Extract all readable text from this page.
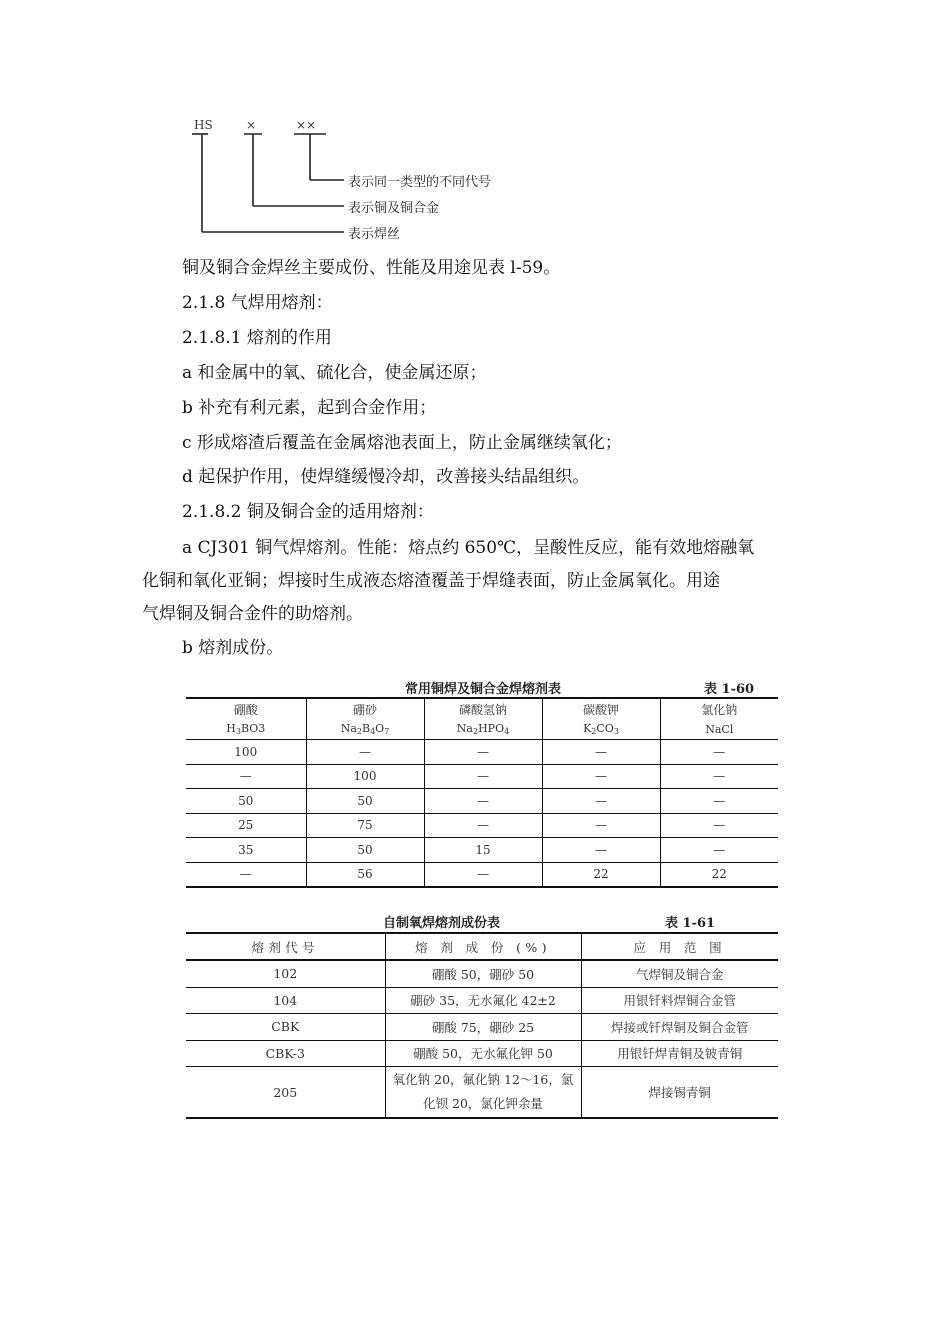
HS	×	××
表示同一类型的不同代号
表示铜及铜合金
表示焊丝
铜及铜合金焊丝主要成份、性能及用途见表 l-59。
2.1.8 气焊用熔剂：
2.1.8.1 熔剂的作用
a 和金属中的氧、硫化合，使金属还原；
b 补充有利元素，起到合金作用；
c 形成熔渣后覆盖在金属熔池表面上，防止金属继续氧化；
d 起保护作用，使焊缝缓慢冷却，改善接头结晶组织。
2.1.8.2 铜及铜合金的适用熔剂：
a CJ301 铜气焊熔剂。性能：熔点约 650℃，呈酸性反应，能有效地熔融氧
化铜和氧化亚铜；焊接时生成液态熔渣覆盖于焊缝表面，防止金属氧化。用途
气焊铜及铜合金件的助熔剂。
b 熔剂成份。
常用铜焊及铜合金焊熔剂表	表 1-60
硼酸	硼砂	磷酸氢钠	碳酸钾	氯化钠
$H_3BO3$	$Na_2B_4O_7$	$Na_2HPO_4$	$K_2CO_3$	NaCl
100	—	—	—	—
—	100	—	—	—
50	50	—	—	—
25	75	—	—	—
35	50	15	—	—
—	56	—	22	22
自制氧焊熔剂成份表	表 1-61
熔剂代号	熔 剂 成 份 (%)	应 用 范 围
102	硼酸 50，硼砂 50	气焊铜及铜合金
104	硼砂 35，无水氟化 42±2	用银钎料焊铜合金管
CBK	硼酸 75，硼砂 25	焊接或钎焊铜及铜合金管
CBK-3	硼酸 50，无水氟化钾 50	用银钎焊青铜及铍青铜
205	氧化钠 20，氟化钠 12～16，氯化钡 20，氯化钾余量	焊接锡青铜
